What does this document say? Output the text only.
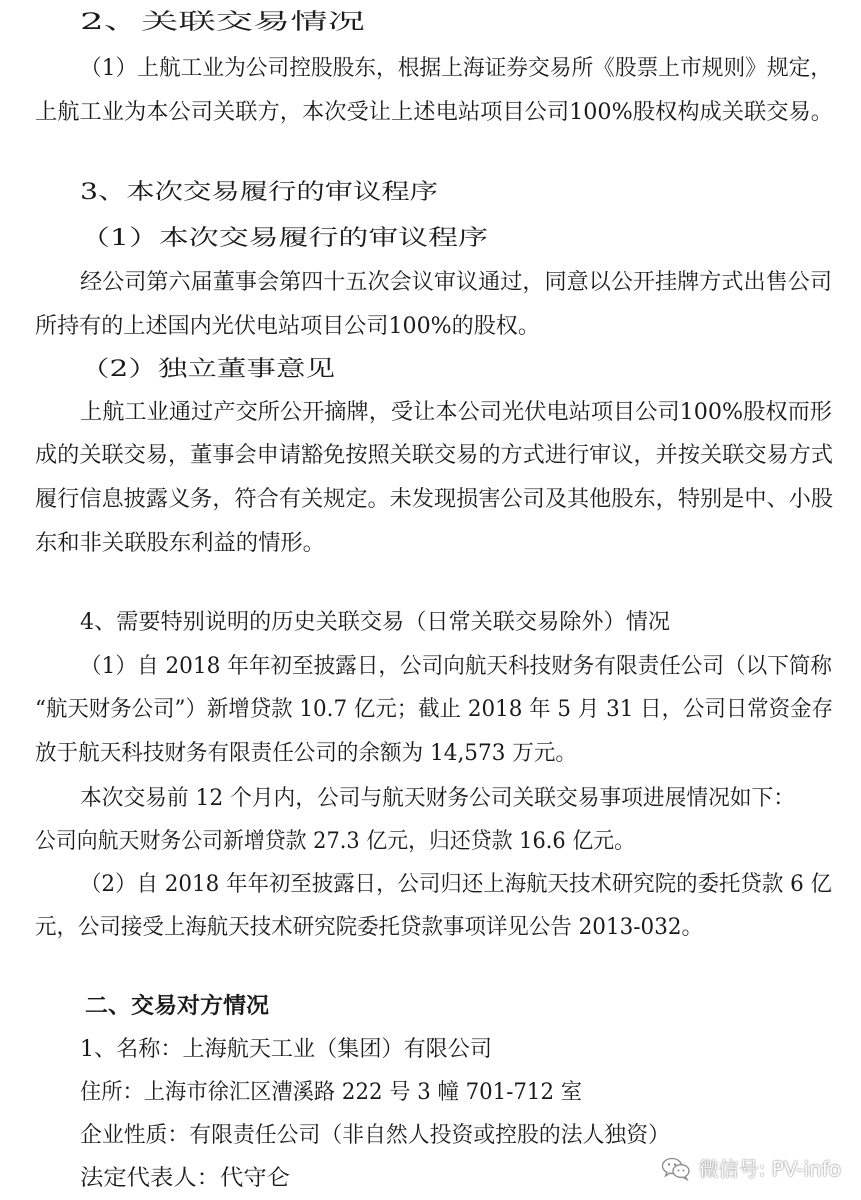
2、关联交易情况
（1）上航工业为公司控股股东，根据上海证券交易所《股票上市规则》规定，
上航工业为本公司关联方，本次受让上述电站项目公司100%股权构成关联交易。
3、本次交易履行的审议程序
（1）本次交易履行的审议程序
经公司第六届董事会第四十五次会议审议通过，同意以公开挂牌方式出售公司
所持有的上述国内光伏电站项目公司100%的股权。
（2）独立董事意见
上航工业通过产交所公开摘牌，受让本公司光伏电站项目公司100%股权而形
成的关联交易，董事会申请豁免按照关联交易的方式进行审议，并按关联交易方式
履行信息披露义务，符合有关规定。未发现损害公司及其他股东，特别是中、小股
东和非关联股东利益的情形。
4、需要特别说明的历史关联交易（日常关联交易除外）情况
（1）自 2018 年年初至披露日，公司向航天科技财务有限责任公司（以下简称
“航天财务公司”）新增贷款 10.7 亿元；截止 2018 年 5 月 31 日，公司日常资金存
放于航天科技财务有限责任公司的余额为 14,573 万元。
本次交易前 12 个月内，公司与航天财务公司关联交易事项进展情况如下：
公司向航天财务公司新增贷款 27.3 亿元，归还贷款 16.6 亿元。
（2）自 2018 年年初至披露日，公司归还上海航天技术研究院的委托贷款 6 亿
元，公司接受上海航天技术研究院委托贷款事项详见公告 2013-032。
二、交易对方情况
1、名称：上海航天工业（集团）有限公司
住所：上海市徐汇区漕溪路 222 号 3 幢 701-712 室
企业性质：有限责任公司（非自然人投资或控股的法人独资）
法定代表人：代守仑	微信号: PV-info
